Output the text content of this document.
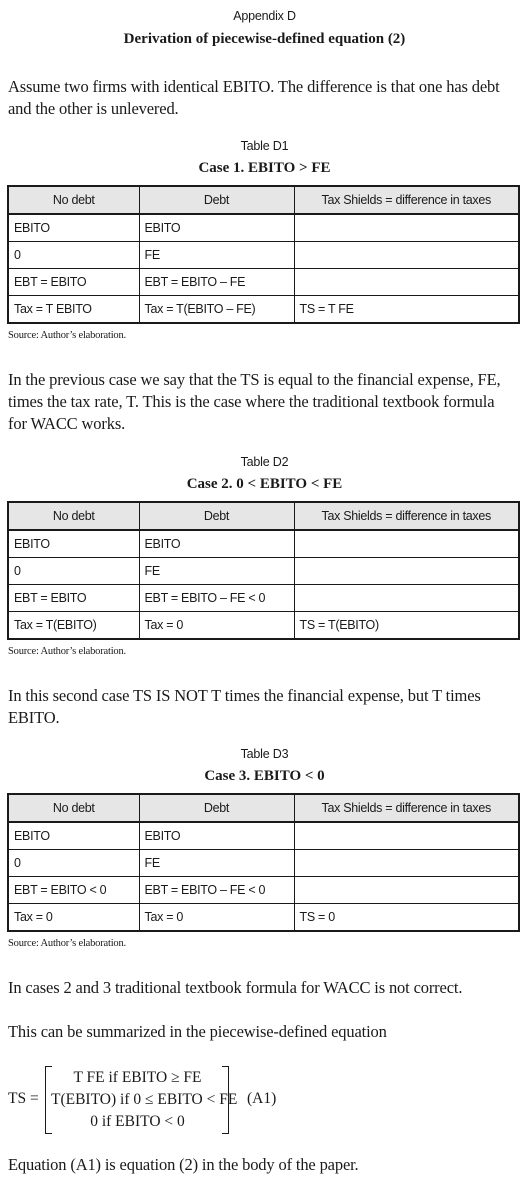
Appendix D
Derivation of piecewise-defined equation (2)
Assume two firms with identical EBITO. The difference is that one has debt
and the other is unlevered.
Table D1
Case 1. EBITO > FE
No debt	Debt	Tax Shields = difference in taxes
EBITO	EBITO	
0	FE	
EBT = EBITO	EBT = EBITO – FE	
Tax = T EBITO	Tax = T(EBITO – FE)	TS = T FE
Source: Author’s elaboration.
In the previous case we say that the TS is equal to the financial expense, FE,
times the tax rate, T. This is the case where the traditional textbook formula
for WACC works.
Table D2
Case 2. 0 < EBITO < FE
No debt	Debt	Tax Shields = difference in taxes
EBITO	EBITO	
0	FE	
EBT = EBITO	EBT = EBITO – FE < 0	
Tax = T(EBITO)	Tax = 0	TS = T(EBITO)
Source: Author’s elaboration.
In this second case TS IS NOT T times the financial expense, but T times
EBITO.
Table D3
Case 3. EBITO < 0
No debt	Debt	Tax Shields = difference in taxes
EBITO	EBITO	
0	FE	
EBT = EBITO < 0	EBT = EBITO – FE < 0	
Tax = 0	Tax = 0	TS = 0
Source: Author’s elaboration.
In cases 2 and 3 traditional textbook formula for WACC is not correct.
This can be summarized in the piecewise-defined equation
TS =
T FE if EBITO ≥ FE
T(EBITO) if 0 ≤ EBITO < FE
0 if EBITO < 0
(A1)
Equation (A1) is equation (2) in the body of the paper.
